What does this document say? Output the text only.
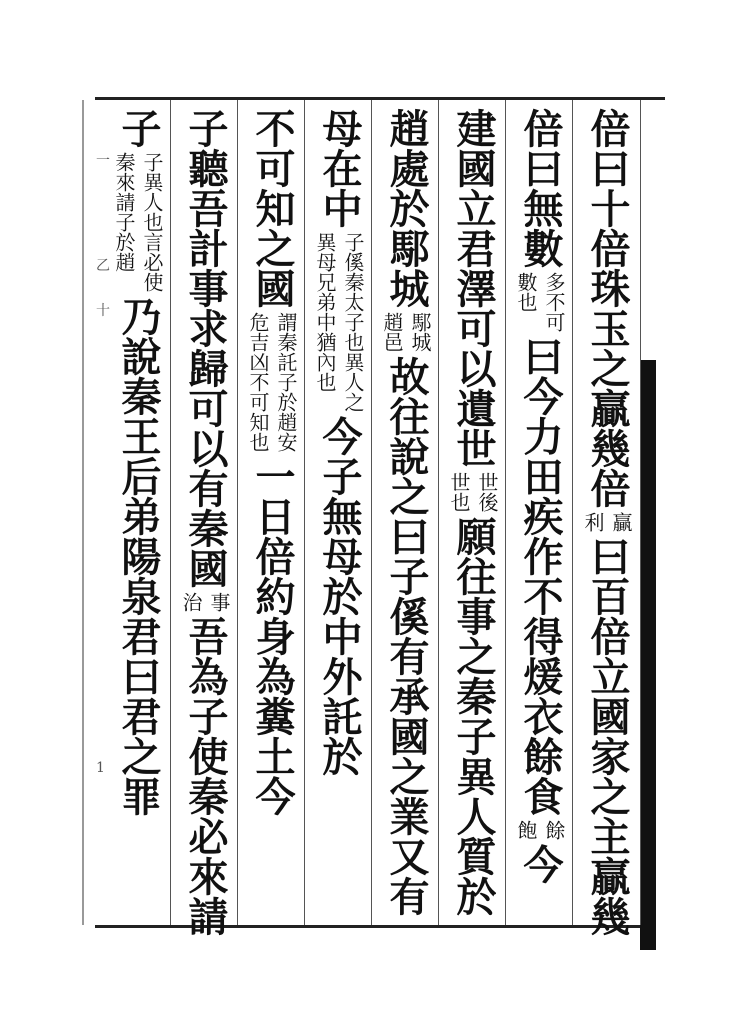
一
乙
十
1
倍曰十倍珠玉之贏幾倍
贏
利
曰百倍立國家之主贏幾
倍曰無數
多不可
數也
曰今力田疾作不得煖衣餘食
餘
飽
今
建國立君澤可以遺世
世後
世也
願往事之秦子異人質於
趙處於䣕城
䣕城
趙邑
故往說之曰子傒有承國之業又有
母在中
子傒秦太子也異人之
異母兄弟中猶內也
今子無母於中外託於
不可知之國
謂秦託子於趙安
危吉凶不可知也
一日倍約身為糞土今
子聽吾計事求歸可以有秦國
事
治
吾為子使秦必來請
子
子異人也言必使
秦來請子於趙
乃說秦王后弟陽泉君曰君之罪
